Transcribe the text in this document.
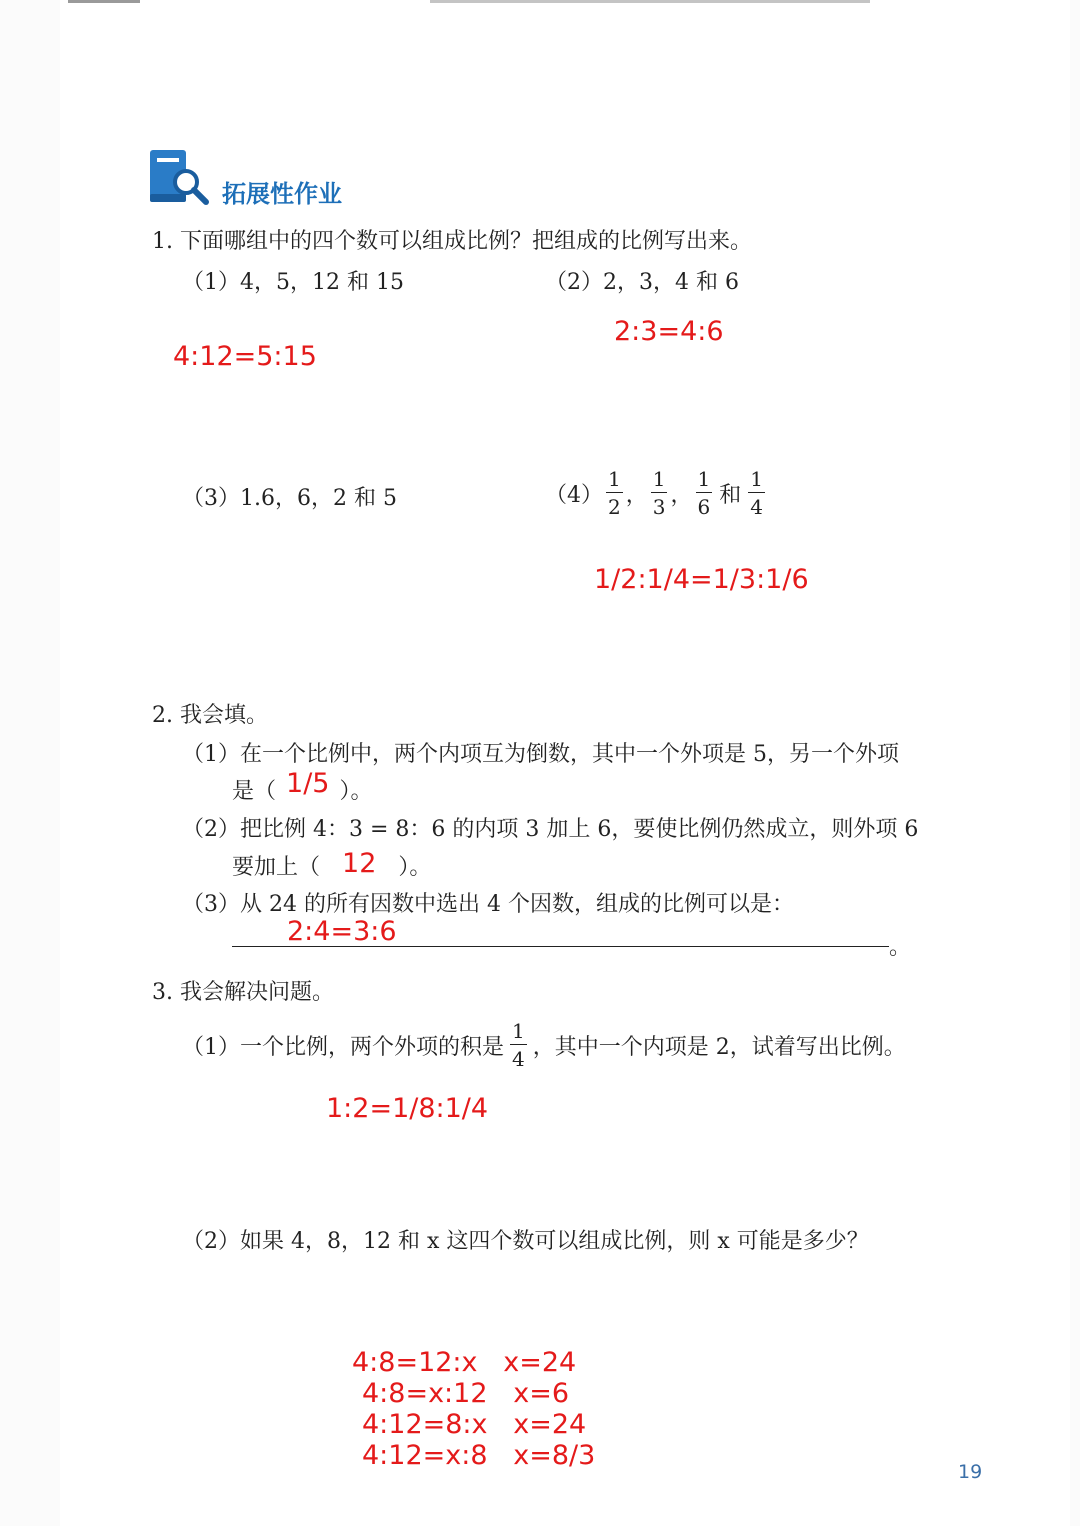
拓展性作业
1. 下面哪组中的四个数可以组成比例？把组成的比例写出来。
（1）4，5，12 和 15	（2）2，3，4 和 6
2:3=4:6
4:12=5:15
（3）1.6，6，2 和 5	$(4) \frac{1}{2}$ ， $\frac{1}{3}$ ， $\frac{1}{6}$ 和 $\frac{1}{4}$
1/2:1/4=1/3:1/6
2. 我会填。
（1）在一个比例中，两个内项互为倒数，其中一个外项是 5，另一个外项
是（ 1/5 ）。
（2）把比例 4：3 = 8：6 的内项 3 加上 6，要使比例仍然成立，则外项 6
要加上（ 12 ）。
（3）从 24 的所有因数中选出 4 个因数，组成的比例可以是：
2:4=3:6
。
3. 我会解决问题。
（1）一个比例，两个外项的积是 $\frac{1}{4}$ ，其中一个内项是 2，试着写出比例。
1:2=1/8:1/4
（2）如果 4，8，12 和 x 这四个数可以组成比例，则 x 可能是多少？
4:8=12:x   x=24
4:8=x:12   x=6
4:12=8:x   x=24
4:12=x:8   x=8/3
19
